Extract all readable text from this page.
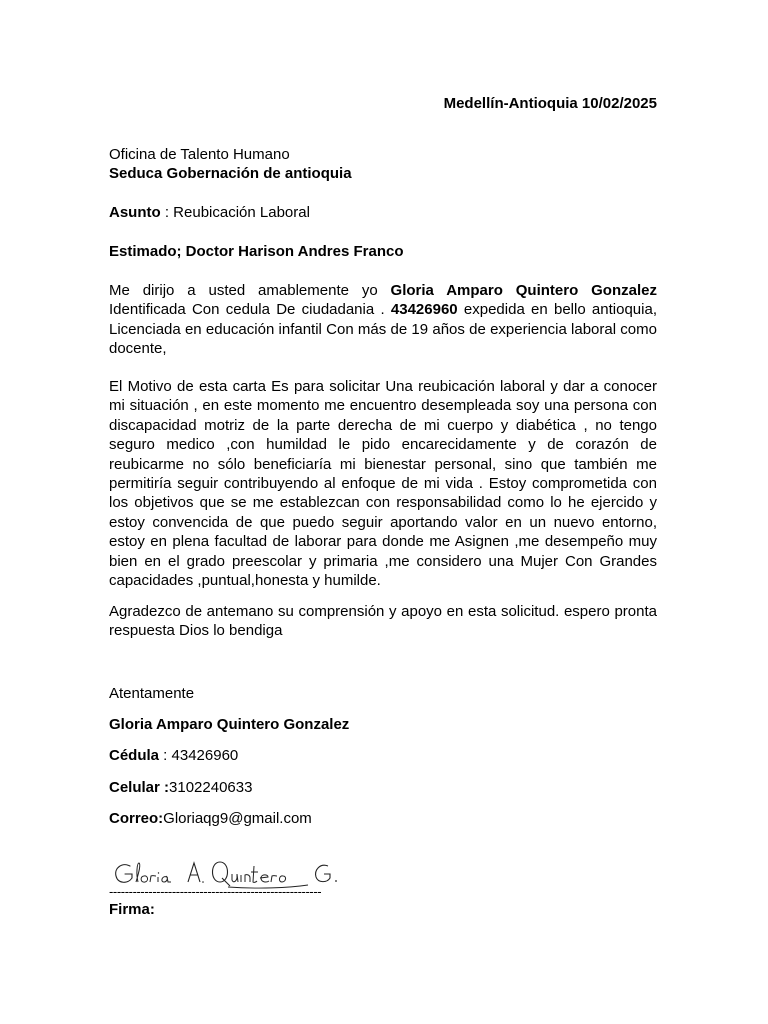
Medellín-Antioquia 10/02/2025
Oficina de Talento Humano
Seduca Gobernación de antioquia
Asunto : Reubicación Laboral
Estimado; Doctor Harison Andres Franco
Me dirijo a usted amablemente yo Gloria Amparo Quintero Gonzalez Identificada Con cedula De ciudadania . 43426960 expedida en bello antioquia, Licenciada en educación infantil Con más de 19 años de experiencia laboral como docente,
El Motivo de esta carta Es para solicitar Una reubicación laboral y dar a conocer mi situación , en este momento me encuentro desempleada soy una persona con discapacidad motriz de la parte derecha de mi cuerpo y diabética , no tengo seguro medico ,con humildad le pido encarecidamente y de corazón de reubicarme no sólo beneficiaría mi bienestar personal, sino que también me permitiría seguir contribuyendo al enfoque de mi vida . Estoy comprometida con los objetivos que se me establezcan con responsabilidad como lo he ejercido y estoy convencida de que puedo seguir aportando valor en un nuevo entorno, estoy en plena facultad de laborar para donde me Asignen ,me desempeño muy bien en el grado preescolar y primaria ,me considero una Mujer Con Grandes capacidades ,puntual,honesta y humilde.
Agradezco de antemano su comprensión y apoyo en esta solicitud. espero pronta respuesta Dios lo bendiga
Atentamente
Gloria Amparo Quintero Gonzalez
Cédula : 43426960
Celular :3102240633
Correo:Gloriaqg9@gmail.com
------------------------------------------------------
Firma:
